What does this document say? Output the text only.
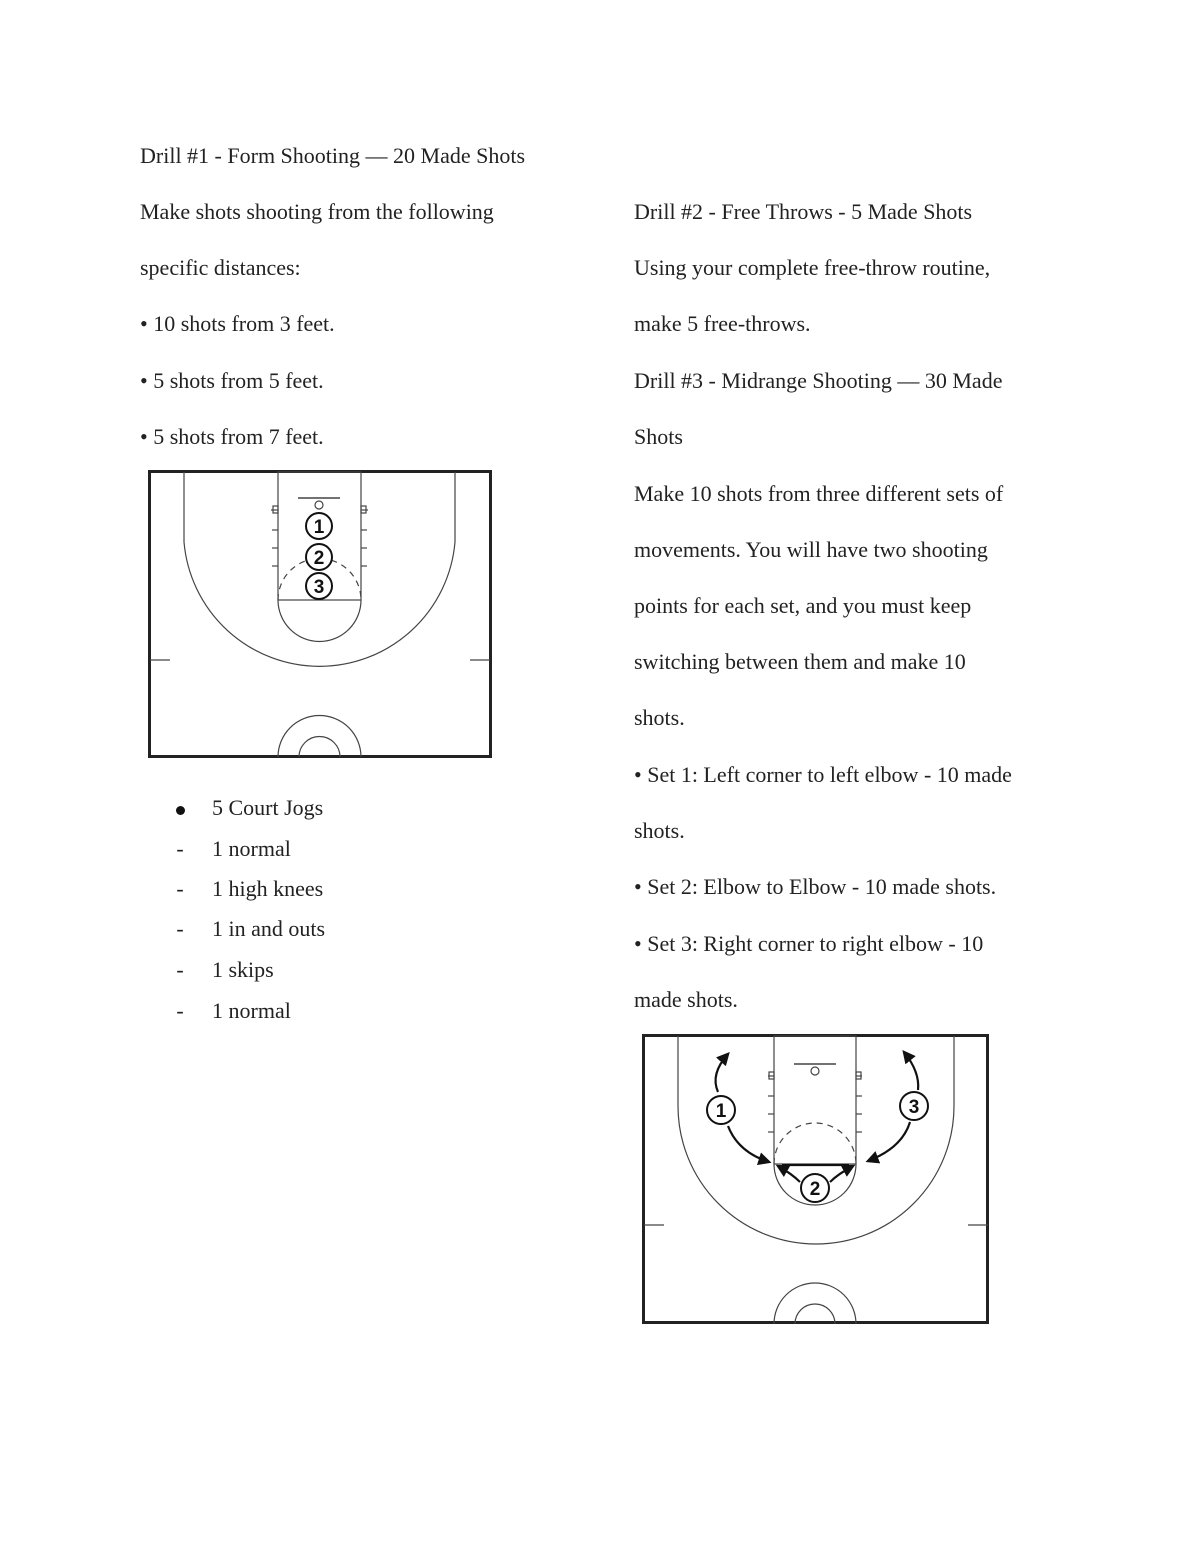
Drill #1 - Form Shooting — 20 Made Shots
Make shots shooting from the following
specific distances:
• 10 shots from 3 feet.
• 5 shots from 5 feet.
• 5 shots from 7 feet.
1
2
3
5 Court Jogs
- 1 normal
- 1 high knees
- 1 in and outs
- 1 skips
- 1 normal
Drill #2 - Free Throws - 5 Made Shots
Using your complete free-throw routine,
make 5 free-throws.
Drill #3 - Midrange Shooting — 30 Made
Shots
Make 10 shots from three different sets of
movements. You will have two shooting
points for each set, and you must keep
switching between them and make 10
shots.
• Set 1: Left corner to left elbow - 10 made
shots.
• Set 2: Elbow to Elbow - 10 made shots.
• Set 3: Right corner to right elbow - 10
made shots.
1
2
3
